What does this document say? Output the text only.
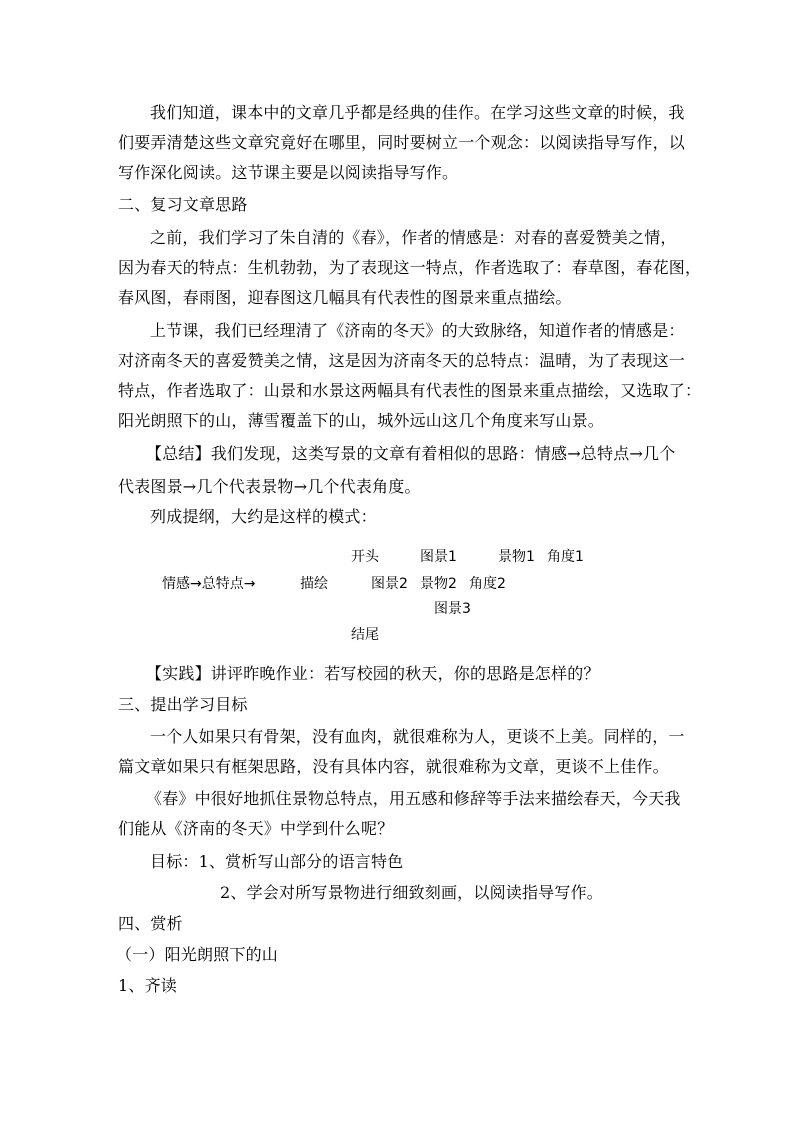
我们知道，课本中的文章几乎都是经典的佳作。在学习这些文章的时候，我
们要弄清楚这些文章究竟好在哪里，同时要树立一个观念：以阅读指导写作，以
写作深化阅读。这节课主要是以阅读指导写作。
二、复习文章思路
之前，我们学习了朱自清的《春》，作者的情感是：对春的喜爱赞美之情，
因为春天的特点：生机勃勃，为了表现这一特点，作者选取了：春草图，春花图，
春风图，春雨图，迎春图这几幅具有代表性的图景来重点描绘。
上节课，我们已经理清了《济南的冬天》的大致脉络，知道作者的情感是：
对济南冬天的喜爱赞美之情，这是因为济南冬天的总特点：温晴，为了表现这一
特点，作者选取了：山景和水景这两幅具有代表性的图景来重点描绘，又选取了：
阳光朗照下的山，薄雪覆盖下的山，城外远山这几个角度来写山景。
【总结】我们发现，这类写景的文章有着相似的思路：情感→总特点→几个
代表图景→几个代表景物→几个代表角度。
列成提纲，大约是这样的模式：
开头	图景1	景物1 角度1
情感→总特点→	描绘	图景2 景物2 角度2
图景3
结尾
【实践】讲评昨晚作业：若写校园的秋天，你的思路是怎样的？
三、提出学习目标
一个人如果只有骨架，没有血肉，就很难称为人，更谈不上美。同样的，一
篇文章如果只有框架思路，没有具体内容，就很难称为文章，更谈不上佳作。
《春》中很好地抓住景物总特点，用五感和修辞等手法来描绘春天，今天我
们能从《济南的冬天》中学到什么呢？
目标：1、赏析写山部分的语言特色
2、学会对所写景物进行细致刻画，以阅读指导写作。
四、赏析
（一）阳光朗照下的山
1、齐读
